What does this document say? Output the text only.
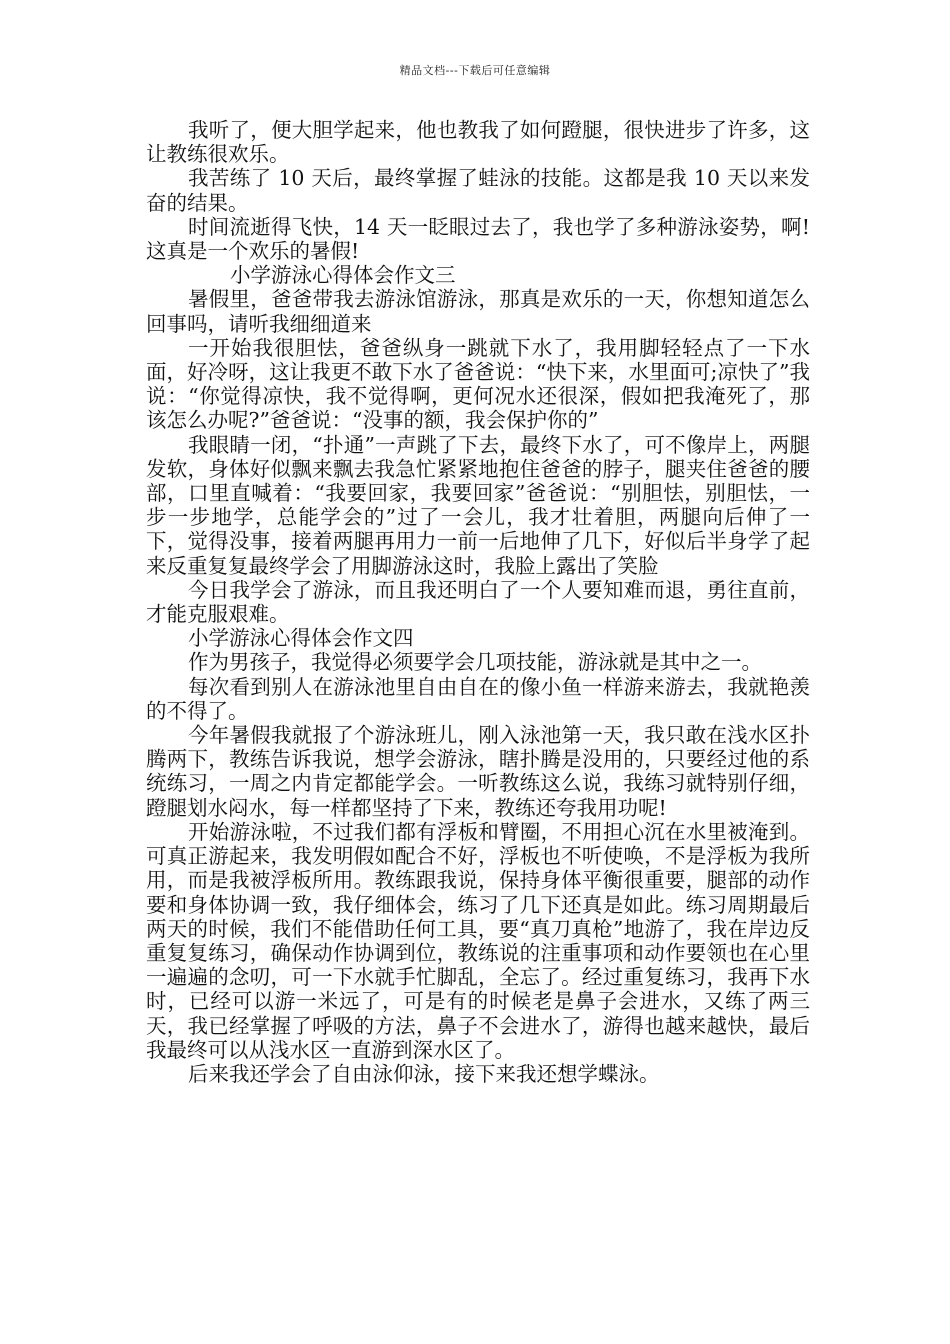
精品文档---下载后可任意编辑

我听了，便大胆学起来，他也教我了如何蹬腿，很快进步了许多，这让教练很欢乐。

我苦练了 10 天后，最终掌握了蛙泳的技能。这都是我 10 天以来发奋的结果。

时间流逝得飞快，14 天一眨眼过去了，我也学了多种游泳姿势，啊!这真是一个欢乐的暑假!

小学游泳心得体会作文三

暑假里，爸爸带我去游泳馆游泳，那真是欢乐的一天，你想知道怎么回事吗，请听我细细道来

一开始我很胆怯，爸爸纵身一跳就下水了，我用脚轻轻点了一下水面，好冷呀，这让我更不敢下水了爸爸说：“快下来，水里面可;凉快了”我说：“你觉得凉快，我不觉得啊，更何况水还很深，假如把我淹死了，那该怎么办呢?”爸爸说：“没事的额，我会保护你的”

我眼睛一闭，“扑通”一声跳了下去，最终下水了，可不像岸上，两腿发软，身体好似飘来飘去我急忙紧紧地抱住爸爸的脖子，腿夹住爸爸的腰部，口里直喊着：“我要回家，我要回家”爸爸说：“别胆怯，别胆怯，一步一步地学，总能学会的”过了一会儿，我才壮着胆，两腿向后伸了一下，觉得没事，接着两腿再用力一前一后地伸了几下，好似后半身学了起来反重复复最终学会了用脚游泳这时，我脸上露出了笑脸

今日我学会了游泳，而且我还明白了一个人要知难而退，勇往直前，才能克服艰难。

小学游泳心得体会作文四

作为男孩子，我觉得必须要学会几项技能，游泳就是其中之一。

每次看到别人在游泳池里自由自在的像小鱼一样游来游去，我就艳羡的不得了。

今年暑假我就报了个游泳班儿，刚入泳池第一天，我只敢在浅水区扑腾两下，教练告诉我说，想学会游泳，瞎扑腾是没用的，只要经过他的系统练习，一周之内肯定都能学会。一听教练这么说，我练习就特别仔细，蹬腿划水闷水，每一样都坚持了下来，教练还夸我用功呢!

开始游泳啦，不过我们都有浮板和臂圈，不用担心沉在水里被淹到。可真正游起来，我发明假如配合不好，浮板也不听使唤，不是浮板为我所用，而是我被浮板所用。教练跟我说，保持身体平衡很重要，腿部的动作要和身体协调一致，我仔细体会，练习了几下还真是如此。练习周期最后两天的时候，我们不能借助任何工具，要“真刀真枪”地游了，我在岸边反重复复练习，确保动作协调到位，教练说的注重事项和动作要领也在心里一遍遍的念叨，可一下水就手忙脚乱，全忘了。经过重复练习，我再下水时，已经可以游一米远了，可是有的时候老是鼻子会进水，又练了两三天，我已经掌握了呼吸的方法，鼻子不会进水了，游得也越来越快，最后我最终可以从浅水区一直游到深水区了。

后来我还学会了自由泳仰泳，接下来我还想学蝶泳。
